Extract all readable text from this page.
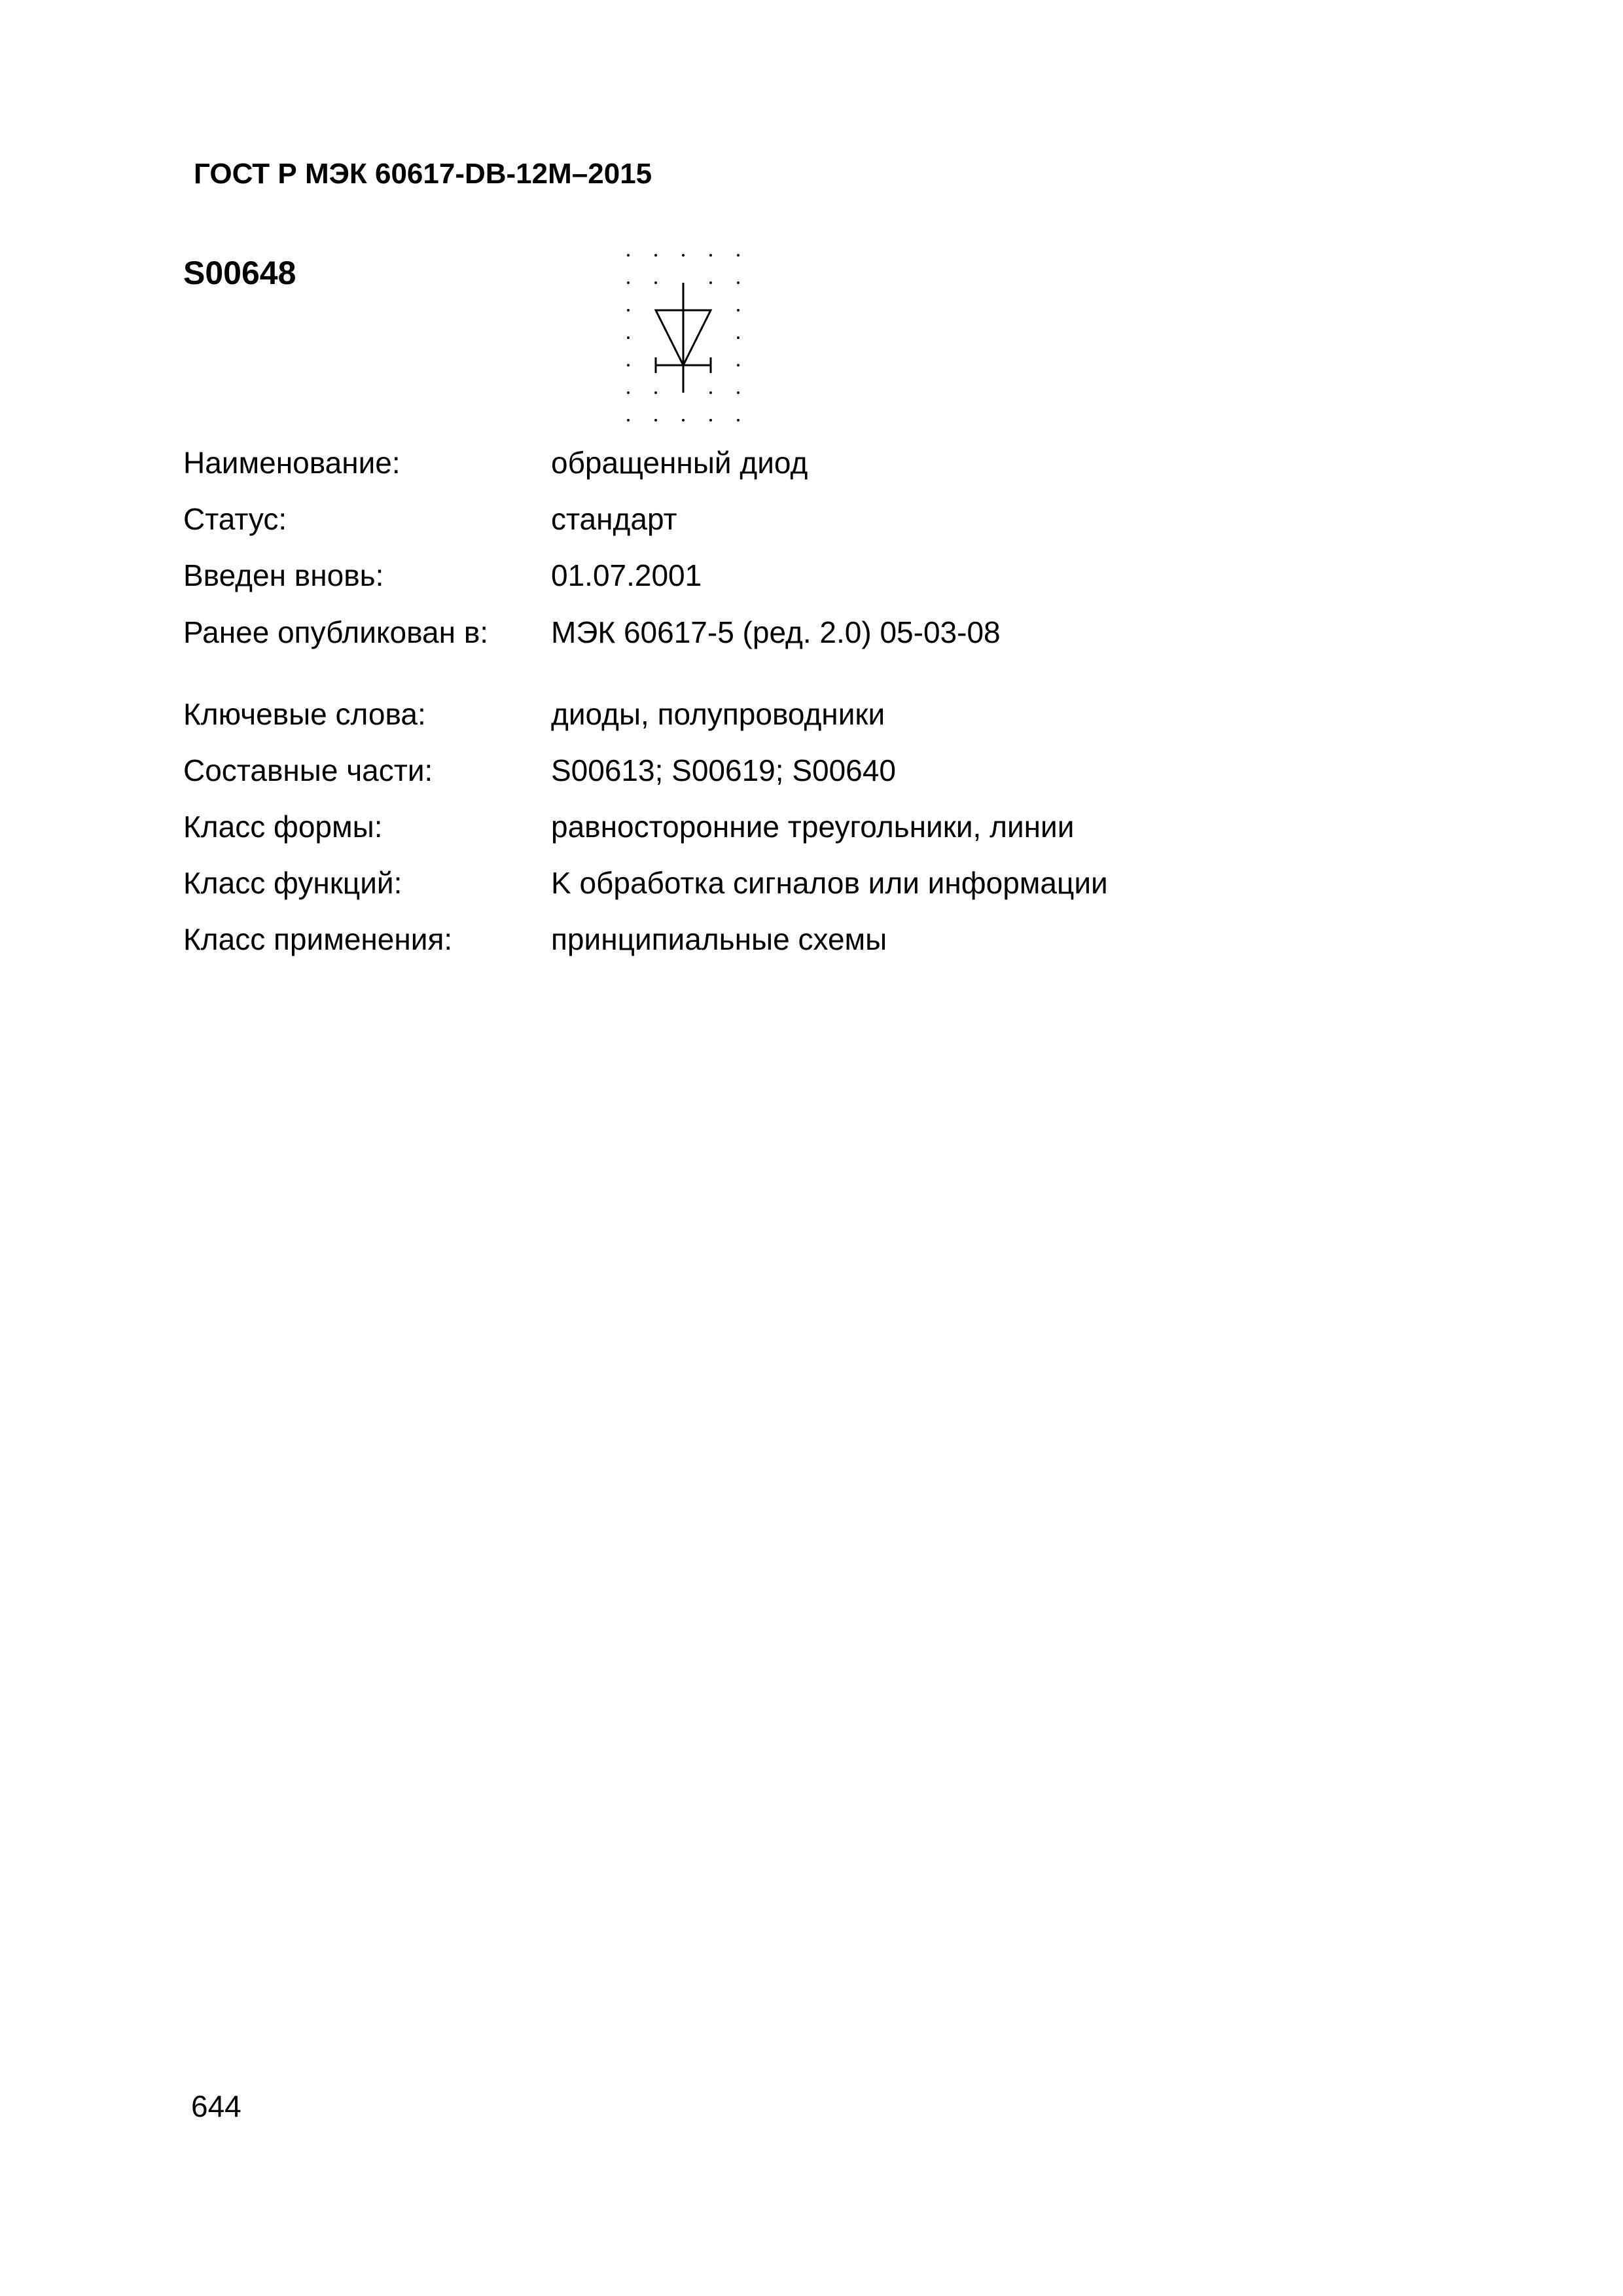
ГОСТ Р МЭК 60617-DB-12М–2015
S00648
Наименование:	обращенный диод
Статус:	стандарт
Введен вновь:	01.07.2001
Ранее опубликован в: МЭК 60617-5 (ред. 2.0) 05-03-08
Ключевые слова:	диоды, полупроводники
Составные части:	S00613; S00619; S00640
Класс формы:	равносторонние треугольники, линии
Класс функций:	K обработка сигналов или информации
Класс применения:	принципиальные схемы
644
